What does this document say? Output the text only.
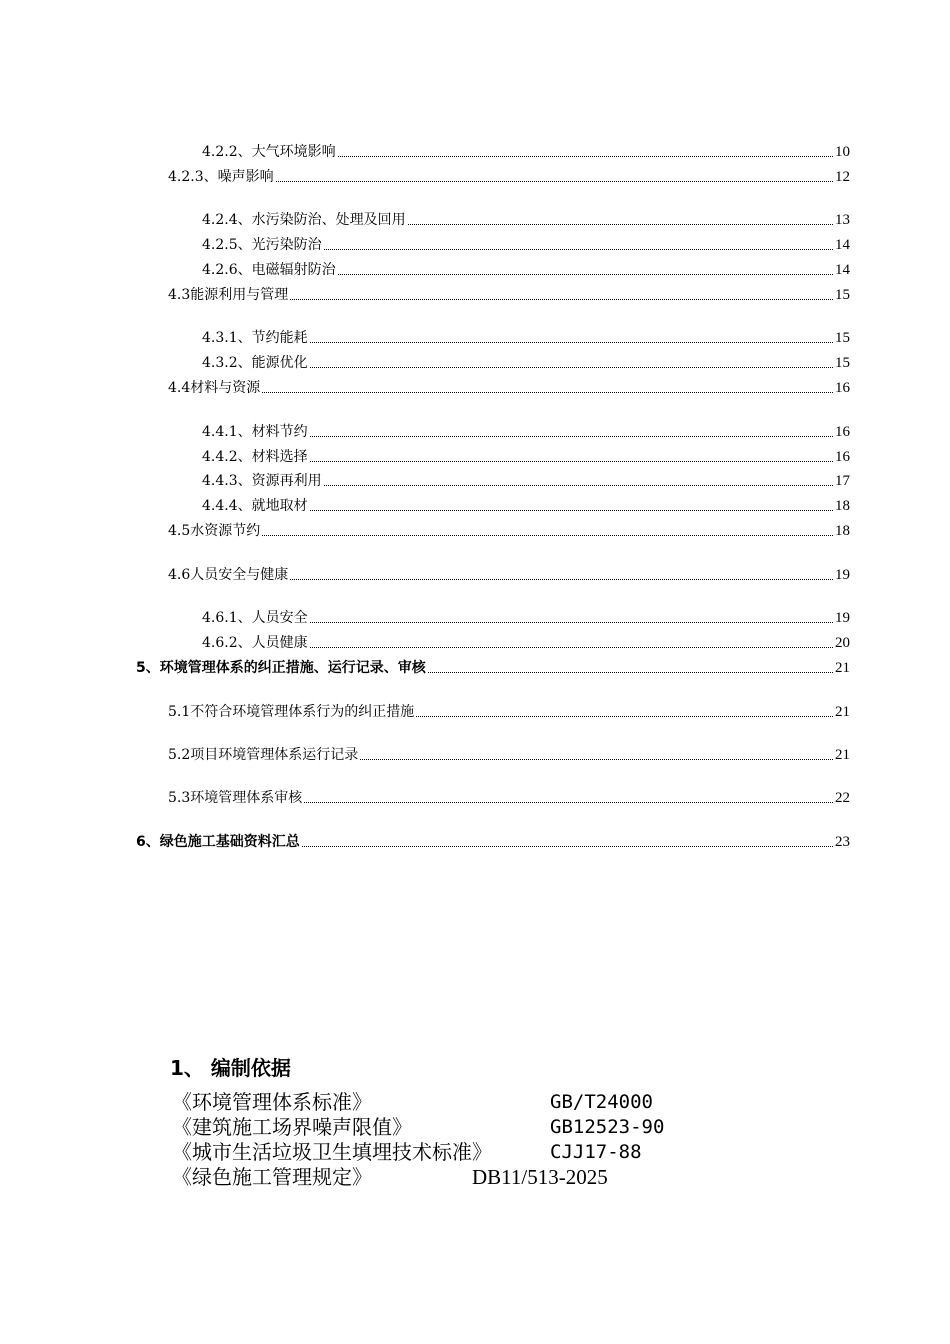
4.2.2、大气环境影响	10
4.2.3、噪声影响	12
4.2.4、水污染防治、处理及回用	13
4.2.5、光污染防治	14
4.2.6、电磁辐射防治	14
4.3能源利用与管理	15
4.3.1、节约能耗	15
4.3.2、能源优化	15
4.4材料与资源	16
4.4.1、材料节约	16
4.4.2、材料选择	16
4.4.3、资源再利用	17
4.4.4、就地取材	18
4.5水资源节约	18
4.6人员安全与健康	19
4.6.1、人员安全	19
4.6.2、人员健康	20
5、环境管理体系的纠正措施、运行记录、审核	21
5.1不符合环境管理体系行为的纠正措施	21
5.2项目环境管理体系运行记录	21
5.3环境管理体系审核	22
6、绿色施工基础资料汇总	23
1、 编制依据
《环境管理体系标准》	GB/T24000
《建筑施工场界噪声限值》	GB12523-90
《城市生活垃圾卫生填埋技术标准》	CJJ17-88
《绿色施工管理规定》	DB11/513-2025
